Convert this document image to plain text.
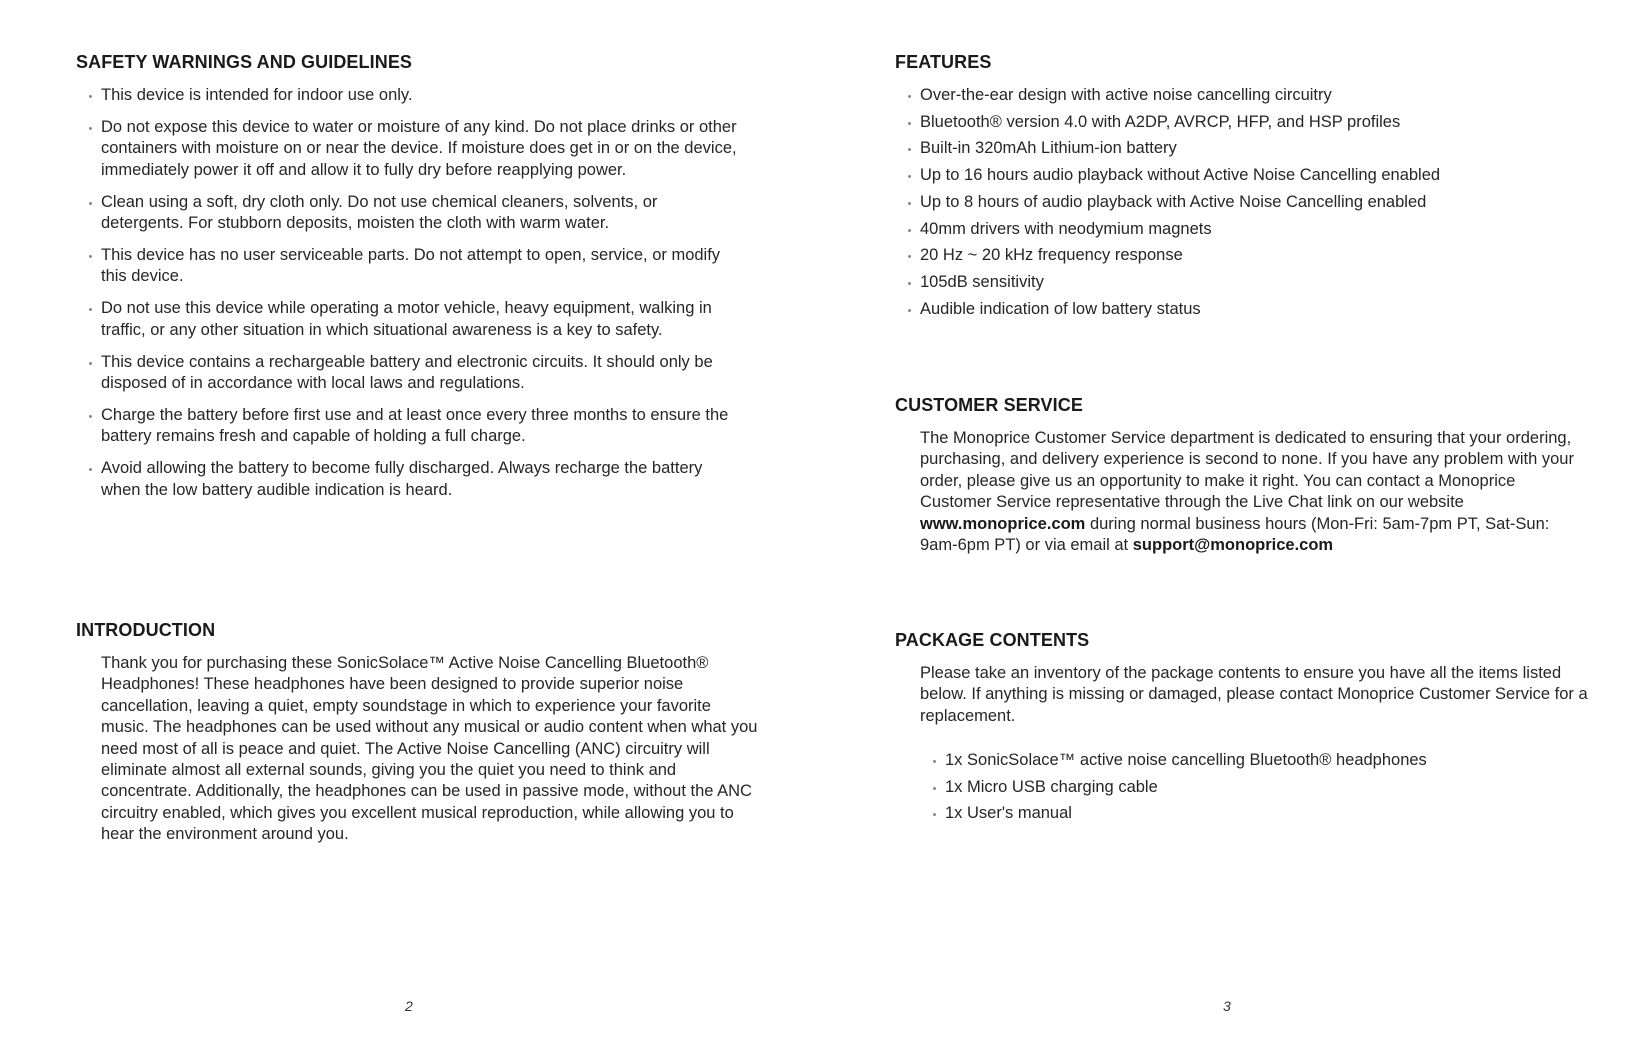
SAFETY WARNINGS AND GUIDELINES
This device is intended for indoor use only.
Do not expose this device to water or moisture of any kind. Do not place drinks or other containers with moisture on or near the device. If moisture does get in or on the device, immediately power it off and allow it to fully dry before reapplying power.
Clean using a soft, dry cloth only. Do not use chemical cleaners, solvents, or detergents. For stubborn deposits, moisten the cloth with warm water.
This device has no user serviceable parts. Do not attempt to open, service, or modify this device.
Do not use this device while operating a motor vehicle, heavy equipment, walking in traffic, or any other situation in which situational awareness is a key to safety.
This device contains a rechargeable battery and electronic circuits. It should only be disposed of in accordance with local laws and regulations.
Charge the battery before first use and at least once every three months to ensure the battery remains fresh and capable of holding a full charge.
Avoid allowing the battery to become fully discharged. Always recharge the battery when the low battery audible indication is heard.
INTRODUCTION

Thank you for purchasing these SonicSolace™ Active Noise Cancelling Bluetooth® Headphones! These headphones have been designed to provide superior noise cancellation, leaving a quiet, empty soundstage in which to experience your favorite music. The headphones can be used without any musical or audio content when what you need most of all is peace and quiet. The Active Noise Cancelling (ANC) circuitry will eliminate almost all external sounds, giving you the quiet you need to think and concentrate. Additionally, the headphones can be used in passive mode, without the ANC circuitry enabled, which gives you excellent musical reproduction, while allowing you to hear the environment around you.

2
FEATURES
Over-the-ear design with active noise cancelling circuitry
Bluetooth® version 4.0 with A2DP, AVRCP, HFP, and HSP profiles
Built-in 320mAh Lithium-ion battery
Up to 16 hours audio playback without Active Noise Cancelling enabled
Up to 8 hours of audio playback with Active Noise Cancelling enabled
40mm drivers with neodymium magnets
20 Hz ~ 20 kHz frequency response
105dB sensitivity
Audible indication of low battery status
CUSTOMER SERVICE

The Monoprice Customer Service department is dedicated to ensuring that your ordering, purchasing, and delivery experience is second to none. If you have any problem with your order, please give us an opportunity to make it right. You can contact a Monoprice Customer Service representative through the Live Chat link on our website www.monoprice.com during normal business hours (Mon-Fri: 5am-7pm PT, Sat-Sun: 9am-6pm PT) or via email at support@monoprice.com

PACKAGE CONTENTS

Please take an inventory of the package contents to ensure you have all the items listed below. If anything is missing or damaged, please contact Monoprice Customer Service for a replacement.

1x SonicSolace™ active noise cancelling Bluetooth® headphones
1x Micro USB charging cable
1x User's manual
3
